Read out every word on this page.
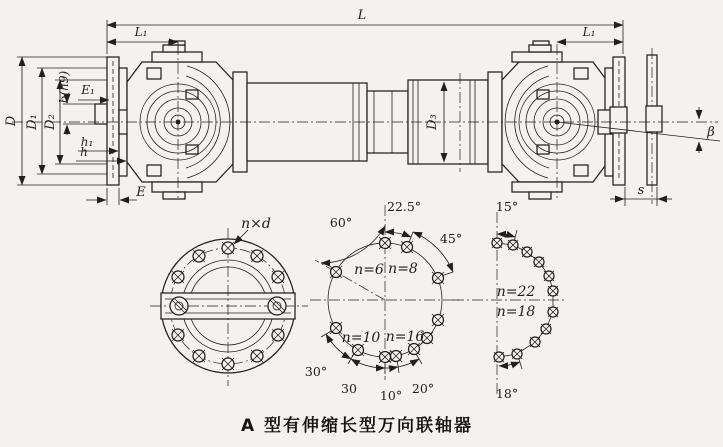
β
L
L₁	L₁
D D₁ D₂
b(h9) E₁
h₁
h
E
D₃
s
n×d	60°
22.5°
45°
n=6 n=8
n=10 n=16
30°
30 10° 20°
15°
n=22
n=18
18°
A 型有伸缩长型万向联轴器
